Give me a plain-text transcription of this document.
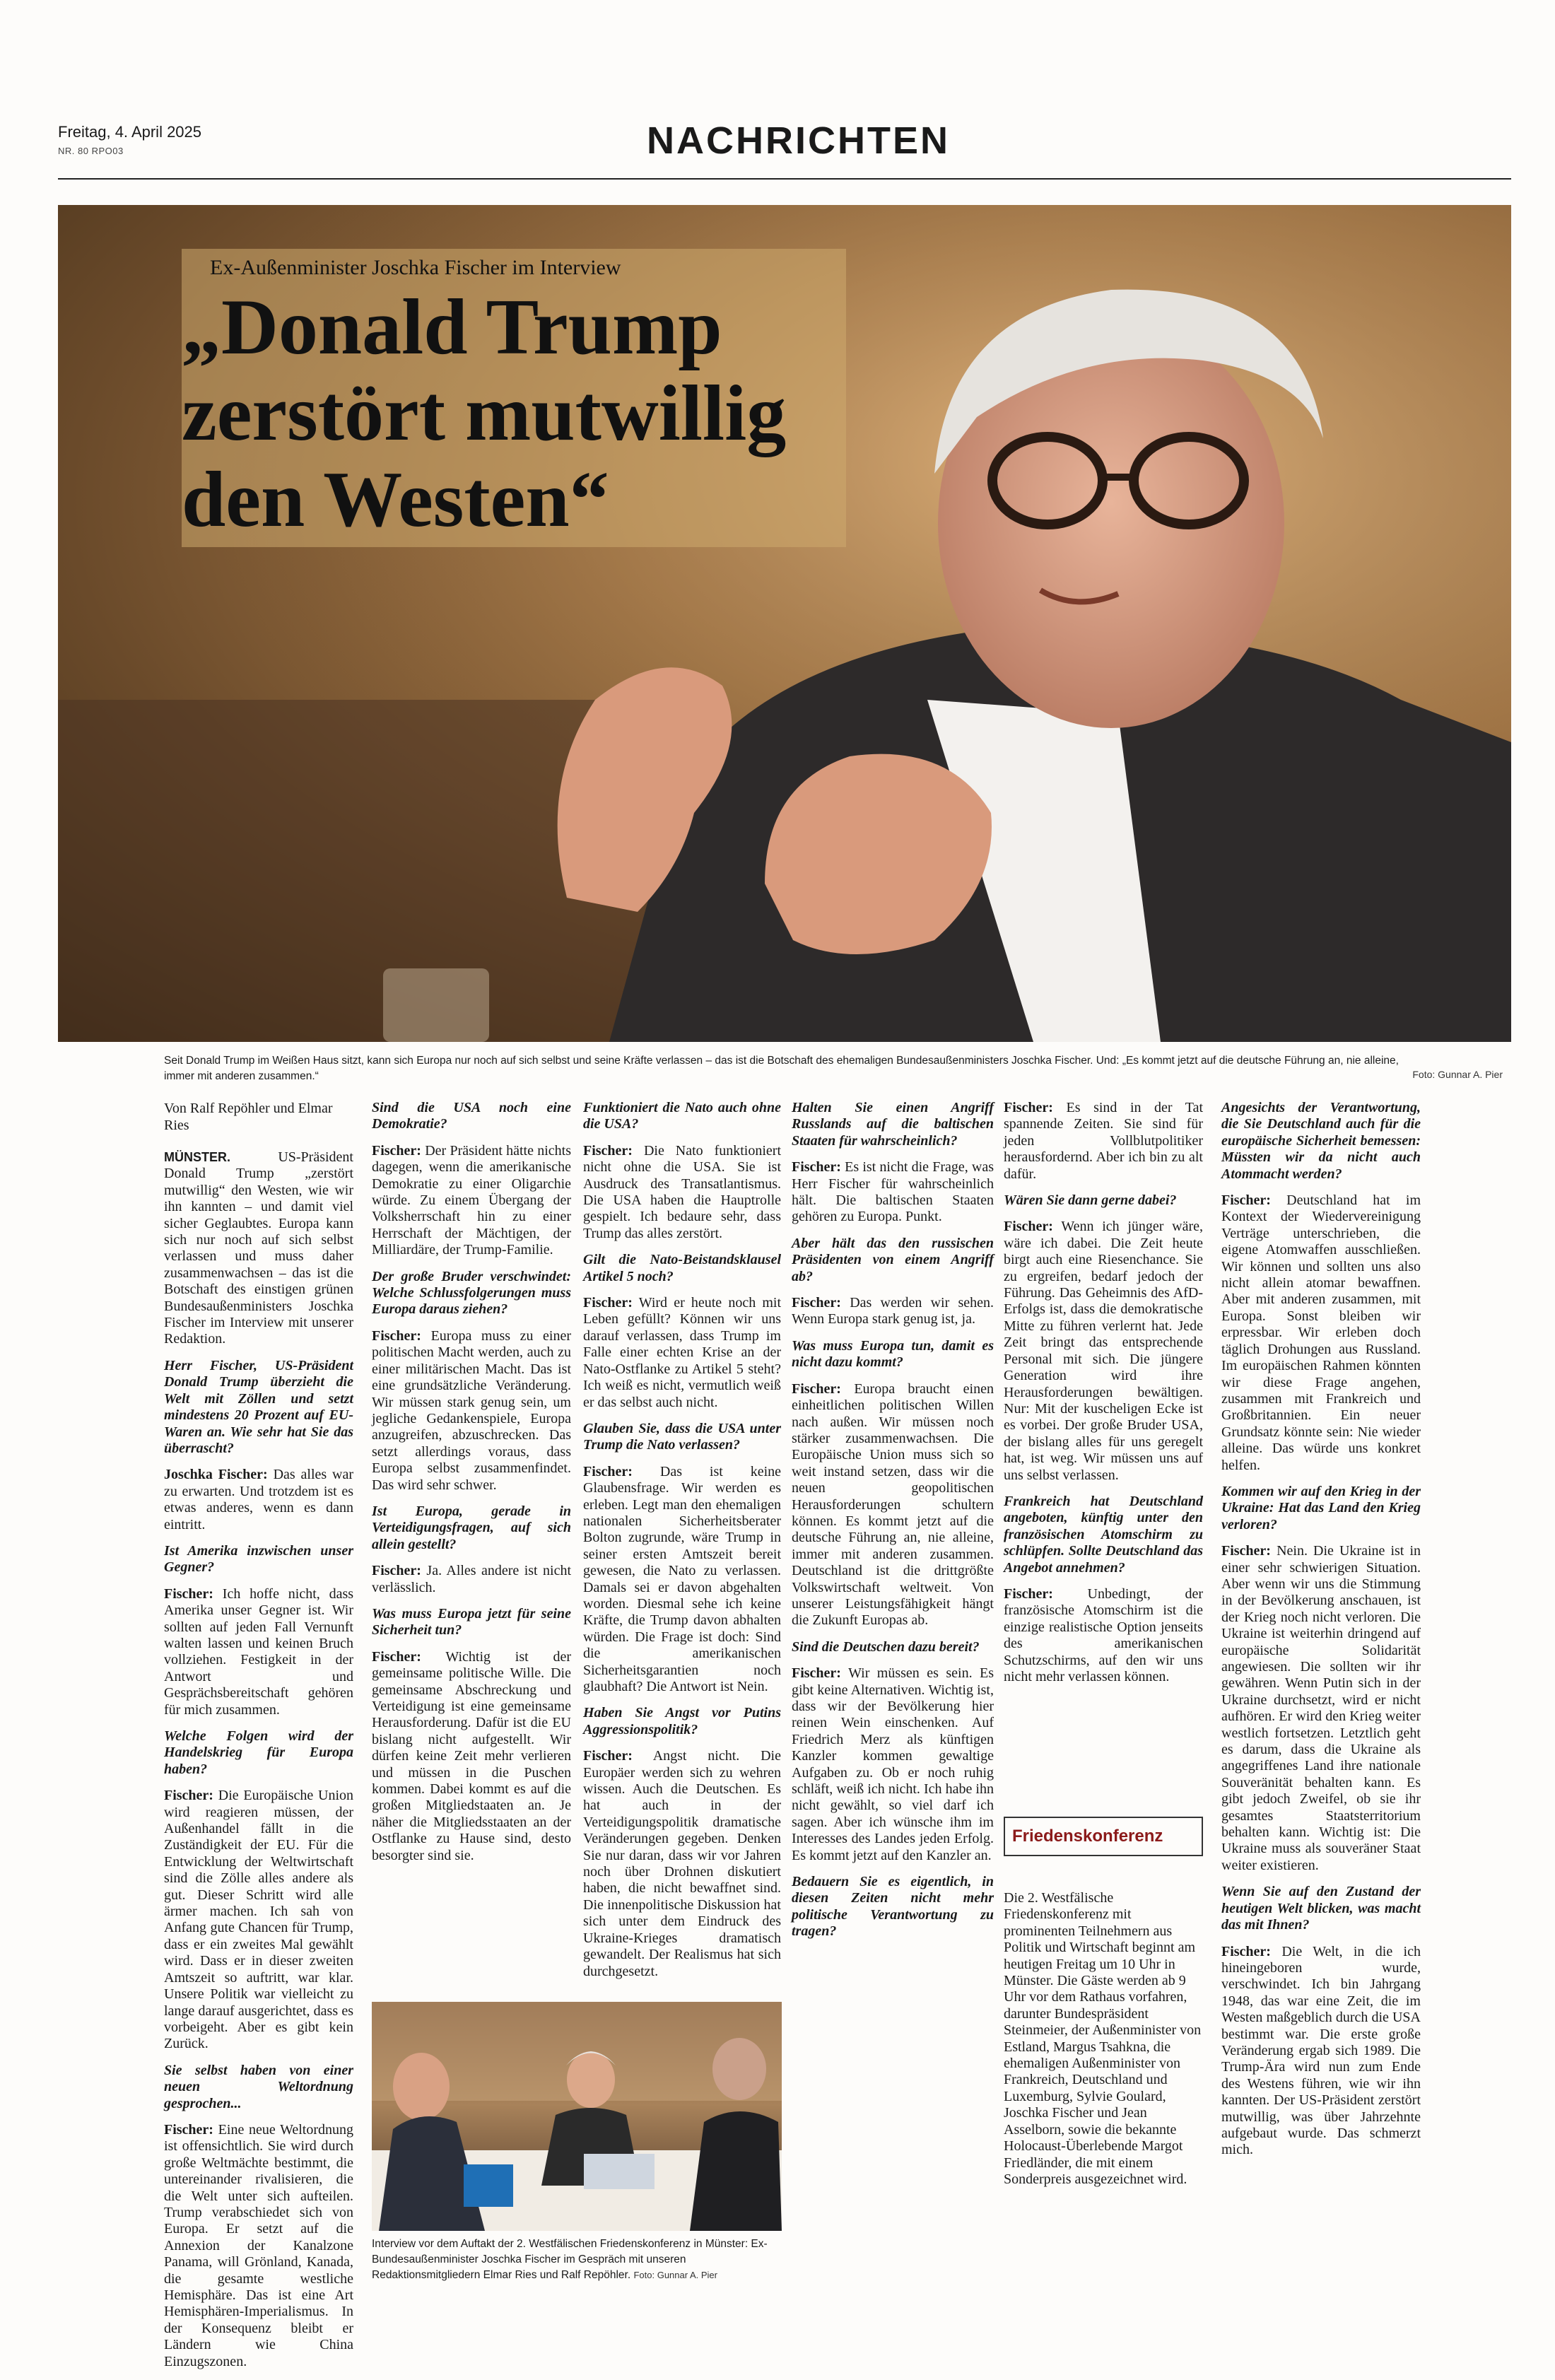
Freitag, 4. April 2025
NR. 80 RPO03	NACHRICHTEN
Ex-Außenminister Joschka Fischer im Interview
„Donald Trump zerstört mutwillig den Westen“
Seit Donald Trump im Weißen Haus sitzt, kann sich Europa nur noch auf sich selbst und seine Kräfte verlassen – das ist die Botschaft des ehemaligen Bundesaußenministers Joschka Fischer. Und: „Es kommt jetzt auf die deutsche Führung an, nie alleine, immer mit anderen zusammen.“	Foto: Gunnar A. Pier

Von Ralf Repöhler und Elmar Ries

MÜNSTER.	US-Präsident Donald Trump „zerstört mutwillig“ den Westen, wie wir ihn kannten – und damit viel sicher Geglaubtes. Europa kann sich nur noch auf sich selbst verlassen und muss daher zusammenwachsen – das ist die Botschaft des einstigen grünen Bundesaußenministers Joschka Fischer im Interview mit unserer Redaktion.

Herr Fischer, US-Präsident Donald Trump überzieht die Welt mit Zöllen und setzt mindestens 20 Prozent auf EU-Waren an. Wie sehr hat Sie das überrascht?

Joschka Fischer: Das alles war zu erwarten. Und trotzdem ist es etwas anderes, wenn es dann eintritt.

Ist Amerika inzwischen unser Gegner?

Fischer: Ich hoffe nicht, dass Amerika unser Gegner ist. Wir sollten auf jeden Fall Vernunft walten lassen und keinen Bruch vollziehen. Festigkeit in der Antwort und Gesprächsbereitschaft gehören für mich zusammen.

Welche Folgen wird der Handelskrieg für Europa haben?

Fischer: Die Europäische Union wird reagieren müssen, der Außenhandel fällt in die Zuständigkeit der EU. Für die Entwicklung der Weltwirtschaft sind die Zölle alles andere als gut. Dieser Schritt wird alle ärmer machen. Ich sah von Anfang gute Chancen für Trump, dass er ein zweites Mal gewählt wird. Dass er in dieser zweiten Amtszeit so auftritt, war klar. Unsere Politik war vielleicht zu lange darauf ausgerichtet, dass es vorbeigeht. Aber es gibt kein Zurück.

Sie selbst haben von einer neuen Weltordnung gesprochen...

Fischer: Eine neue Weltordnung ist offensichtlich. Sie wird durch große Weltmächte bestimmt, die untereinander rivalisieren, die die Welt unter sich aufteilen. Trump verabschiedet sich von Europa. Er setzt auf die Annexion der Kanalzone Panama, will Grönland, Kanada, die gesamte westliche Hemisphäre. Das ist eine Art Hemisphären-Imperialismus. In der Konsequenz bleibt er Ländern wie China Einzugszonen.

Sind die USA noch eine Demokratie?

Fischer: Der Präsident hätte nichts dagegen, wenn die amerikanische Demokratie zu einer Oligarchie würde. Zu einem Übergang der Volksherrschaft hin zu einer Herrschaft der Mächtigen, der Milliardäre, der Trump-Familie.

Der große Bruder verschwindet: Welche Schlussfolgerungen muss Europa daraus ziehen?

Fischer: Europa muss zu einer politischen Macht werden, auch zu einer militärischen Macht. Das ist eine grundsätzliche Veränderung. Wir müssen stark genug sein, um jegliche Gedankenspiele, Europa anzugreifen, abzuschrecken. Das setzt allerdings voraus, dass Europa selbst zusammenfindet. Das wird sehr schwer.

Ist Europa, gerade in Verteidigungsfragen, auf sich allein gestellt?

Fischer: Ja. Alles andere ist nicht verlässlich.

Was muss Europa jetzt für seine Sicherheit tun?

Fischer: Wichtig ist der gemeinsame politische Wille. Die gemeinsame Abschreckung und Verteidigung ist eine gemeinsame Herausforderung. Dafür ist die EU bislang nicht aufgestellt. Wir dürfen keine Zeit mehr verlieren und müssen in die Puschen kommen. Dabei kommt es auf die großen Mitgliedstaaten an. Je näher die Mitgliedsstaaten an der Ostflanke zu Hause sind, desto besorgter sind sie.

Funktioniert die Nato auch ohne die USA?

Fischer: Die Nato funktioniert nicht ohne die USA. Sie ist Ausdruck des Transatlantismus. Die USA haben die Hauptrolle gespielt. Ich bedaure sehr, dass Trump das alles zerstört.

Gilt die Nato-Beistandsklausel Artikel 5 noch?

Fischer: Wird er heute noch mit Leben gefüllt? Können wir uns darauf verlassen, dass Trump im Falle einer echten Krise an der Nato-Ostflanke zu Artikel 5 steht? Ich weiß es nicht, vermutlich weiß er das selbst auch nicht.

Glauben Sie, dass die USA unter Trump die Nato verlassen?

Fischer: Das ist keine Glaubensfrage. Wir werden es erleben. Legt man den ehemaligen nationalen Sicherheitsberater Bolton zugrunde, wäre Trump in seiner ersten Amtszeit bereit gewesen, die Nato zu verlassen. Damals sei er davon abgehalten worden. Diesmal sehe ich keine Kräfte, die Trump davon abhalten würden. Die Frage ist doch: Sind die amerikanischen Sicherheitsgarantien noch glaubhaft? Die Antwort ist Nein.

Haben Sie Angst vor Putins Aggressionspolitik?

Fischer: Angst nicht. Die Europäer werden sich zu wehren wissen. Auch die Deutschen. Es hat auch in der Verteidigungspolitik dramatische Veränderungen gegeben. Denken Sie nur daran, dass wir vor Jahren noch über Drohnen diskutiert haben, die nicht bewaffnet sind. Die innenpolitische Diskussion hat sich unter dem Eindruck des Ukraine-Krieges dramatisch gewandelt. Der Realismus hat sich durchgesetzt.

Interview vor dem Auftakt der 2. Westfälischen Friedenskonferenz in Münster: Ex-Bundesaußenminister Joschka Fischer im Gespräch mit unseren Redaktionsmitgliedern Elmar Ries und Ralf Repöhler. Foto: Gunnar A. Pier

Halten Sie einen Angriff Russlands auf die baltischen Staaten für wahrscheinlich?

Fischer: Es ist nicht die Frage, was Herr Fischer für wahrscheinlich hält. Die baltischen Staaten gehören zu Europa. Punkt.

Aber hält das den russischen Präsidenten von einem Angriff ab?

Fischer: Das werden wir sehen. Wenn Europa stark genug ist, ja.

Was muss Europa tun, damit es nicht dazu kommt?

Fischer: Europa braucht einen einheitlichen politischen Willen nach außen. Wir müssen noch stärker zusammenwachsen. Die Europäische Union muss sich so weit instand setzen, dass wir die neuen geopolitischen Herausforderungen schultern können. Es kommt jetzt auf die deutsche Führung an, nie alleine, immer mit anderen zusammen. Deutschland ist die drittgrößte Volkswirtschaft weltweit. Von unserer Leistungsfähigkeit hängt die Zukunft Europas ab.

Sind die Deutschen dazu bereit?

Fischer: Wir müssen es sein. Es gibt keine Alternativen. Wichtig ist, dass wir der Bevölkerung hier reinen Wein einschenken. Auf Friedrich Merz als künftigen Kanzler kommen gewaltige Aufgaben zu. Ob er noch ruhig schläft, weiß ich nicht. Ich habe ihn nicht gewählt, so viel darf ich sagen. Aber ich wünsche ihm im Interesses des Landes jeden Erfolg. Es kommt jetzt auf den Kanzler an.

Bedauern Sie es eigentlich, in diesen Zeiten nicht mehr politische Verantwortung zu tragen?

Fischer: Es sind in der Tat spannende Zeiten. Sie sind für jeden Vollblutpolitiker herausfordernd. Aber ich bin zu alt dafür.

Wären Sie dann gerne dabei?

Fischer: Wenn ich jünger wäre, wäre ich dabei. Die Zeit heute birgt auch eine Riesenchance. Sie zu ergreifen, bedarf jedoch der Führung. Das Geheimnis des AfD-Erfolgs ist, dass die demokratische Mitte zu führen verlernt hat. Jede Zeit bringt das entsprechende Personal mit sich. Die jüngere Generation wird ihre Herausforderungen bewältigen. Nur: Mit der kuscheligen Ecke ist es vorbei. Der große Bruder USA, der bislang alles für uns geregelt hat, ist weg. Wir müssen uns auf uns selbst verlassen.

Frankreich hat Deutschland angeboten, künftig unter den französischen Atomschirm zu schlüpfen. Sollte Deutschland das Angebot annehmen?

Fischer: Unbedingt, der französische Atomschirm ist die einzige realistische Option jenseits des amerikanischen Schutzschirms, auf den wir uns nicht mehr verlassen können.

Friedenskonferenz
Die 2. Westfälische Friedenskonferenz mit prominenten Teilnehmern aus Politik und Wirtschaft beginnt am heutigen Freitag um 10 Uhr in Münster. Die Gäste werden ab 9 Uhr vor dem Rathaus vorfahren, darunter Bundespräsident Steinmeier, der Außenminister von Estland, Margus Tsahkna, die ehemaligen Außenminister von Frankreich, Deutschland und Luxemburg, Sylvie Goulard, Joschka Fischer und Jean Asselborn, sowie die bekannte Holocaust-Überlebende Margot Friedländer, die mit einem Sonderpreis ausgezeichnet wird.

Angesichts der Verantwortung, die Sie Deutschland auch für die europäische Sicherheit bemessen: Müssten wir da nicht auch Atommacht werden?

Fischer: Deutschland hat im Kontext der Wiedervereinigung Verträge unterschrieben, die eigene Atomwaffen ausschließen. Wir können und sollten uns also nicht allein atomar bewaffnen. Aber mit anderen zusammen, mit Europa. Sonst bleiben wir erpressbar. Wir erleben doch täglich Drohungen aus Russland. Im europäischen Rahmen könnten wir diese Frage angehen, zusammen mit Frankreich und Großbritannien. Ein neuer Grundsatz könnte sein: Nie wieder alleine. Das würde uns konkret helfen.

Kommen wir auf den Krieg in der Ukraine: Hat das Land den Krieg verloren?

Fischer: Nein. Die Ukraine ist in einer sehr schwierigen Situation. Aber wenn wir uns die Stimmung in der Bevölkerung anschauen, ist der Krieg noch nicht verloren. Die Ukraine ist weiterhin dringend auf europäische Solidarität angewiesen. Die sollten wir ihr gewähren. Wenn Putin sich in der Ukraine durchsetzt, wird er nicht aufhören. Er wird den Krieg weiter westlich fortsetzen. Letztlich geht es darum, dass die Ukraine als angegriffenes Land ihre nationale Souveränität behalten kann. Es gibt jedoch Zweifel, ob sie ihr gesamtes Staatsterritorium behalten kann. Wichtig ist: Die Ukraine muss als souveräner Staat weiter existieren.

Wenn Sie auf den Zustand der heutigen Welt blicken, was macht das mit Ihnen?

Fischer: Die Welt, in die ich hineingeboren wurde, verschwindet. Ich bin Jahrgang 1948, das war eine Zeit, die im Westen maßgeblich durch die USA bestimmt war. Die erste große Veränderung ergab sich 1989. Die Trump-Ära wird nun zum Ende des Westens führen, wie wir ihn kannten. Der US-Präsident zerstört mutwillig, was über Jahrzehnte aufgebaut wurde. Das schmerzt mich.
